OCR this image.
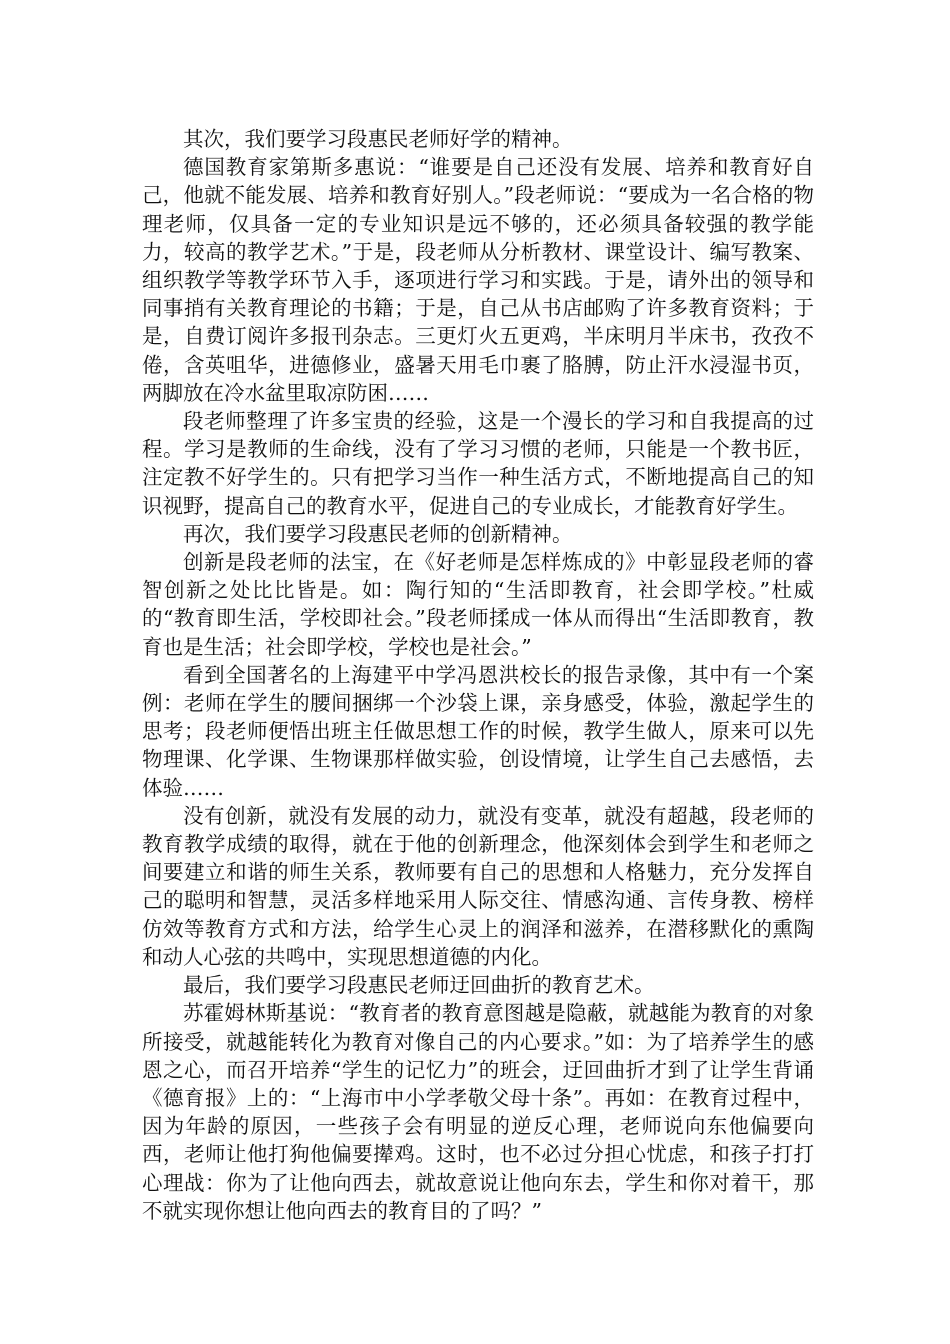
其次，我们要学习段惠民老师好学的精神。

德国教育家第斯多惠说：“谁要是自己还没有发展、培养和教育好自己，他就不能发展、培养和教育好别人。”段老师说：“要成为一名合格的物理老师，仅具备一定的专业知识是远不够的，还必须具备较强的教学能力，较高的教学艺术。”于是，段老师从分析教材、课堂设计、编写教案、组织教学等教学环节入手，逐项进行学习和实践。于是，请外出的领导和同事捎有关教育理论的书籍；于是，自己从书店邮购了许多教育资料；于是，自费订阅许多报刊杂志。三更灯火五更鸡，半床明月半床书，孜孜不倦，含英咀华，进德修业，盛暑天用毛巾裹了胳膊，防止汗水浸湿书页，两脚放在冷水盆里取凉防困……

段老师整理了许多宝贵的经验，这是一个漫长的学习和自我提高的过程。学习是教师的生命线，没有了学习习惯的老师，只能是一个教书匠，注定教不好学生的。只有把学习当作一种生活方式，不断地提高自己的知识视野，提高自己的教育水平，促进自己的专业成长，才能教育好学生。

再次，我们要学习段惠民老师的创新精神。

创新是段老师的法宝，在《好老师是怎样炼成的》中彰显段老师的睿智创新之处比比皆是。如：陶行知的“生活即教育，社会即学校。”杜威的“教育即生活，学校即社会。”段老师揉成一体从而得出“生活即教育，教育也是生活；社会即学校，学校也是社会。”

看到全国著名的上海建平中学冯恩洪校长的报告录像，其中有一个案例：老师在学生的腰间捆绑一个沙袋上课，亲身感受，体验，激起学生的思考；段老师便悟出班主任做思想工作的时候，教学生做人，原来可以先物理课、化学课、生物课那样做实验，创设情境，让学生自己去感悟，去体验……

没有创新，就没有发展的动力，就没有变革，就没有超越，段老师的教育教学成绩的取得，就在于他的创新理念，他深刻体会到学生和老师之间要建立和谐的师生关系，教师要有自己的思想和人格魅力，充分发挥自己的聪明和智慧，灵活多样地采用人际交往、情感沟通、言传身教、榜样仿效等教育方式和方法，给学生心灵上的润泽和滋养，在潜移默化的熏陶和动人心弦的共鸣中，实现思想道德的内化。

最后，我们要学习段惠民老师迂回曲折的教育艺术。

苏霍姆林斯基说：“教育者的教育意图越是隐蔽，就越能为教育的对象所接受，就越能转化为教育对像自己的内心要求。”如：为了培养学生的感恩之心，而召开培养“学生的记忆力”的班会，迂回曲折才到了让学生背诵《德育报》上的：“上海市中小学孝敬父母十条”。再如：在教育过程中，因为年龄的原因，一些孩子会有明显的逆反心理，老师说向东他偏要向西，老师让他打狗他偏要撵鸡。这时，也不必过分担心忧虑，和孩子打打心理战：你为了让他向西去，就故意说让他向东去，学生和你对着干，那不就实现你想让他向西去的教育目的了吗？”
